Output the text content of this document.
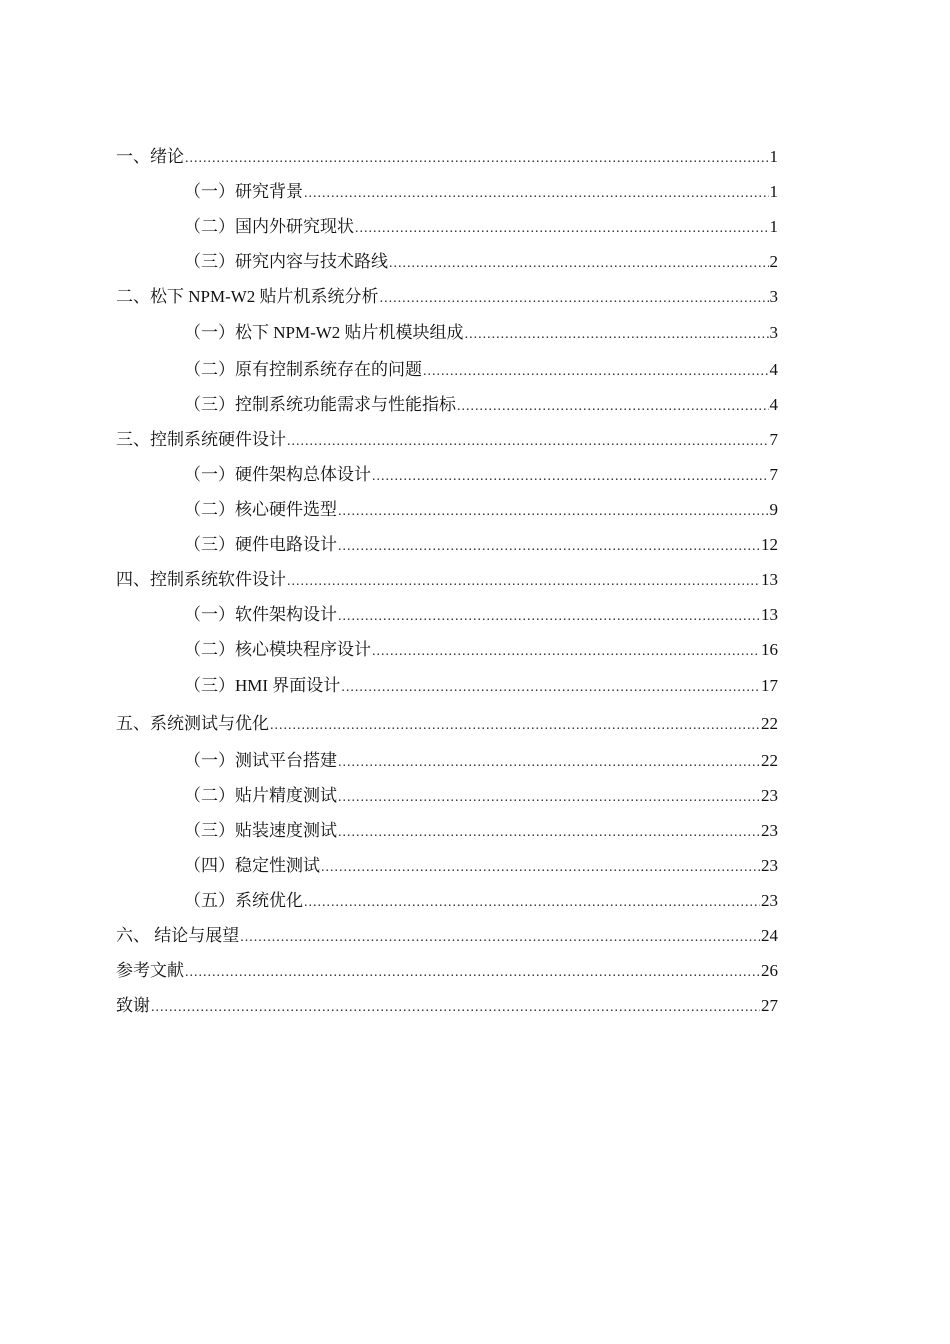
一、绪论 .....	1
（一）研究背景 .....	1
（二）国内外研究现状 .....	1
（三）研究内容与技术路线 .....	2
二、松下 NPM-W2 贴片机系统分析 .....	3
（一）松下 NPM-W2 贴片机模块组成 .....	3
（二）原有控制系统存在的问题 .....	4
（三）控制系统功能需求与性能指标 .....	4
三、控制系统硬件设计 .....	7
（一）硬件架构总体设计 .....	7
（二）核心硬件选型 .....	9
（三）硬件电路设计 .....	12
四、控制系统软件设计 .....	13
（一）软件架构设计 .....	13
（二）核心模块程序设计 .....	16
（三）HMI 界面设计 .....	17
五、系统测试与优化 .....	22
（一）测试平台搭建 .....	22
（二）贴片精度测试 .....	23
（三）贴装速度测试 .....	23
（四）稳定性测试 .....	23
（五）系统优化 .....	23
六、 结论与展望 .....	24
参考文献 .....	26
致谢 .....	27
